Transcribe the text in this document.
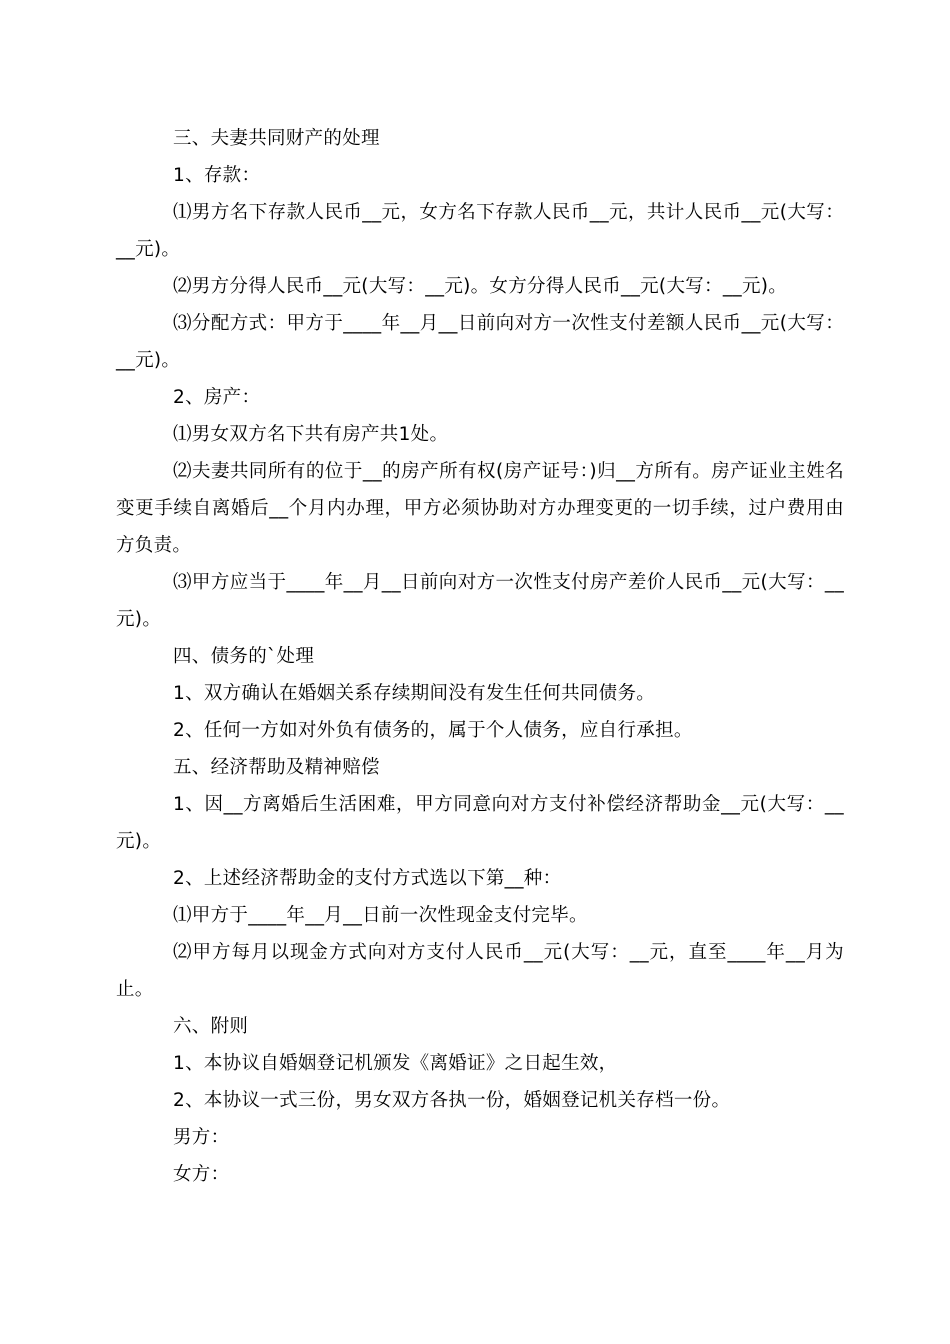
三、夫妻共同财产的处理

1、存款：

⑴男方名下存款人民币__元，女方名下存款人民币__元，共计人民币__元(大写：__元)。

⑵男方分得人民币__元(大写：__元)。女方分得人民币__元(大写：__元)。

⑶分配方式：甲方于____年__月__日前向对方一次性支付差额人民币__元(大写：__元)。

2、房产：

⑴男女双方名下共有房产共1处。

⑵夫妻共同所有的位于__的房产所有权(房产证号：)归__方所有。房产证业主姓名变更手续自离婚后__个月内办理，甲方必须协助对方办理变更的一切手续，过户费用由方负责。

⑶甲方应当于____年__月__日前向对方一次性支付房产差价人民币__元(大写：__元)。

四、债务的`处理

1、双方确认在婚姻关系存续期间没有发生任何共同债务。

2、任何一方如对外负有债务的，属于个人债务，应自行承担。

五、经济帮助及精神赔偿

1、因__方离婚后生活困难，甲方同意向对方支付补偿经济帮助金__元(大写：__元)。

2、上述经济帮助金的支付方式选以下第__种：

⑴甲方于____年__月__日前一次性现金支付完毕。

⑵甲方每月以现金方式向对方支付人民币__元(大写：__元，直至____年__月为止。

六、附则

1、本协议自婚姻登记机颁发《离婚证》之日起生效，

2、本协议一式三份，男女双方各执一份，婚姻登记机关存档一份。

男方：

女方：
